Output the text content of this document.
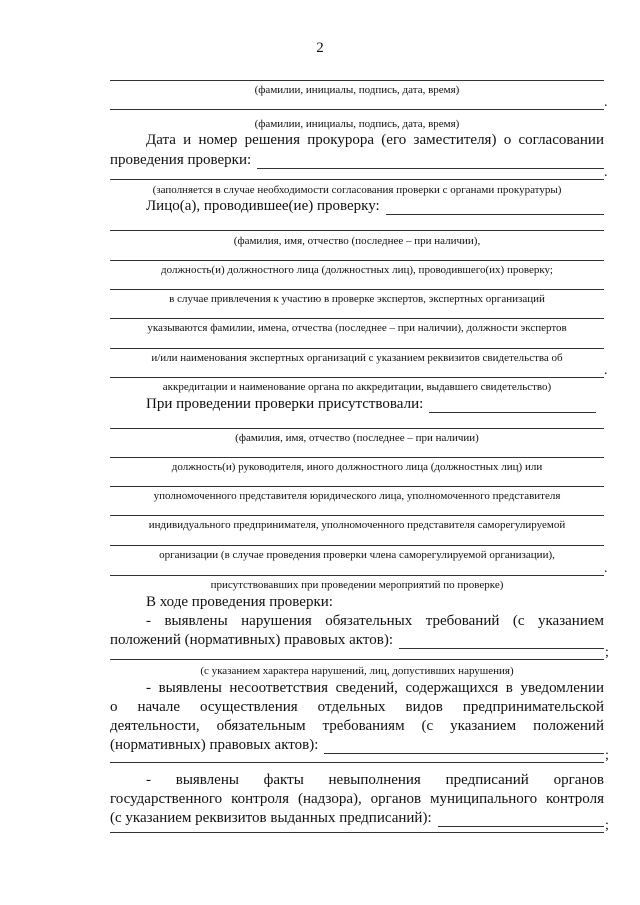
2
(фамилии, инициалы, подпись, дата, время)
.
(фамилии, инициалы, подпись, дата, время)
Дата и номер решения прокурора (его заместителя) о согласовании
проведения проверки:
.
(заполняется в случае необходимости согласования проверки с органами прокуратуры)
Лицо(а), проводившее(ие) проверку:
(фамилия, имя, отчество (последнее – при наличии),
должность(и) должностного лица (должностных лиц), проводившего(их) проверку;
в случае привлечения к участию в проверке экспертов, экспертных организаций
указываются фамилии, имена, отчества (последнее – при наличии), должности экспертов
и/или наименования экспертных организаций с указанием реквизитов свидетельства об
.
аккредитации и наименование органа по аккредитации, выдавшего свидетельство)
При проведении проверки присутствовали:
(фамилия, имя, отчество (последнее – при наличии)
должность(и) руководителя, иного должностного лица (должностных лиц) или
уполномоченного представителя юридического лица, уполномоченного представителя
индивидуального предпринимателя, уполномоченного представителя саморегулируемой
организации (в случае проведения проверки члена саморегулируемой организации),
.
присутствовавших при проведении мероприятий по проверке)
В ходе проведения проверки:
- выявлены нарушения обязательных требований (с указанием
положений (нормативных) правовых актов):
;
(с указанием характера нарушений, лиц, допустивших нарушения)
- выявлены несоответствия сведений, содержащихся в уведомлении
о начале осуществления отдельных видов предпринимательской
деятельности, обязательным требованиям (с указанием положений
(нормативных) правовых актов):
;
- выявлены факты невыполнения предписаний органов
государственного контроля (надзора), органов муниципального контроля
(с указанием реквизитов выданных предписаний):	;
